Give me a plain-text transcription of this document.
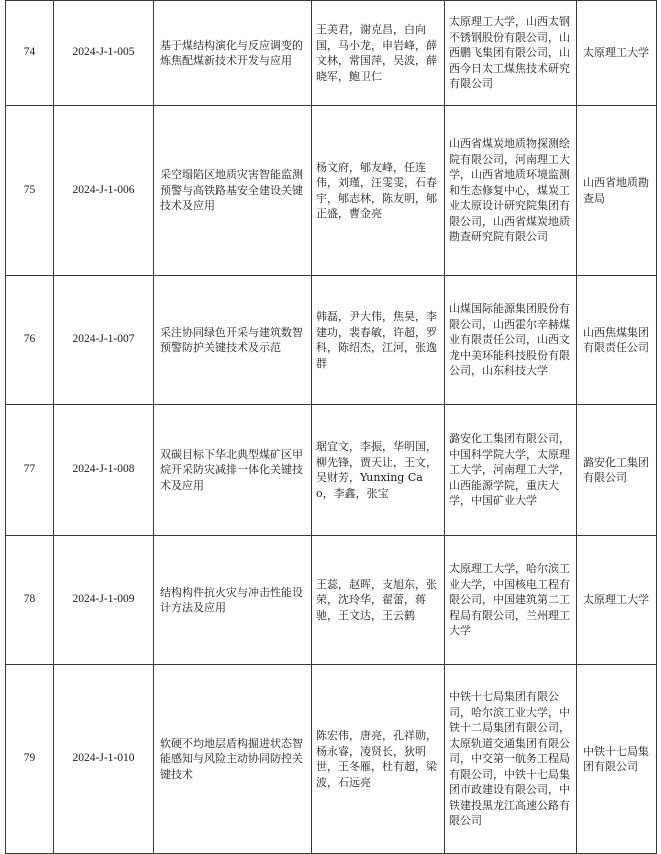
74	2024-J-1-005	基于煤结构演化与反应调变的炼焦配煤新技术开发与应用	王美君，谢克昌，白向国，马小龙，申岩峰，薛文林，常国萍，吴波，薛晓军，鲍卫仁	太原理工大学，山西太钢不锈钢股份有限公司，山西鹏飞集团有限公司，山西今日太工煤焦技术研究有限公司	太原理工大学
75	2024-J-1-006	采空塌陷区地质灾害智能监测预警与高铁路基安全建设关键技术及应用	杨文府，郇友峰，任连伟，刘瑾，汪雯雯，石春宇，郇志林，陈友明，郇正盛，曹金亮	山西省煤炭地质物探测绘院有限公司，河南理工大学，山西省地质环境监测和生态修复中心，煤炭工业太原设计研究院集团有限公司，山西省煤炭地质勘查研究院有限公司	山西省地质勘查局
76	2024-J-1-007	采注协同绿色开采与建筑数智预警防护关键技术及示范	韩磊，尹大伟，焦昊，李建功，裴春敏，许超，罗科，陈绍杰，江河，张逸群	山煤国际能源集团股份有限公司，山西霍尔辛赫煤业有限责任公司，山西文龙中美环能科技股份有限公司，山东科技大学	山西焦煤集团有限责任公司
77	2024-J-1-008	双碳目标下华北典型煤矿区甲烷开采防灾减排一体化关键技术及应用	琚宜文，李振，华明国，柳先锋，贾天让，王文，吴财芳，Yunxing Cao，李鑫，张宝	潞安化工集团有限公司，中国科学院大学，太原理工大学，河南理工大学，山西能源学院，重庆大学，中国矿业大学	潞安化工集团有限公司
78	2024-J-1-009	结构构件抗火灾与冲击性能设计方法及应用	王蕊，赵晖，支旭东，张荣，沈玲华，翟蕾，蒋驰，王文达，王云鹤	太原理工大学，哈尔滨工业大学，中国核电工程有限公司，中国建筑第二工程局有限公司，兰州理工大学	太原理工大学
79	2024-J-1-010	软硬不均地层盾构掘进状态智能感知与风险主动协同防控关键技术	陈宏伟，唐亮，孔祥勋，杨永睿，凌贤长，狄明世，王冬雁，杜有超，梁波，石远亮	中铁十七局集团有限公司，哈尔滨工业大学，中铁十二局集团有限公司，太原轨道交通集团有限公司，中交第一航务工程局有限公司，中铁十七局集团市政建设有限公司，中铁建投黑龙江高速公路有限公司	中铁十七局集团有限公司
